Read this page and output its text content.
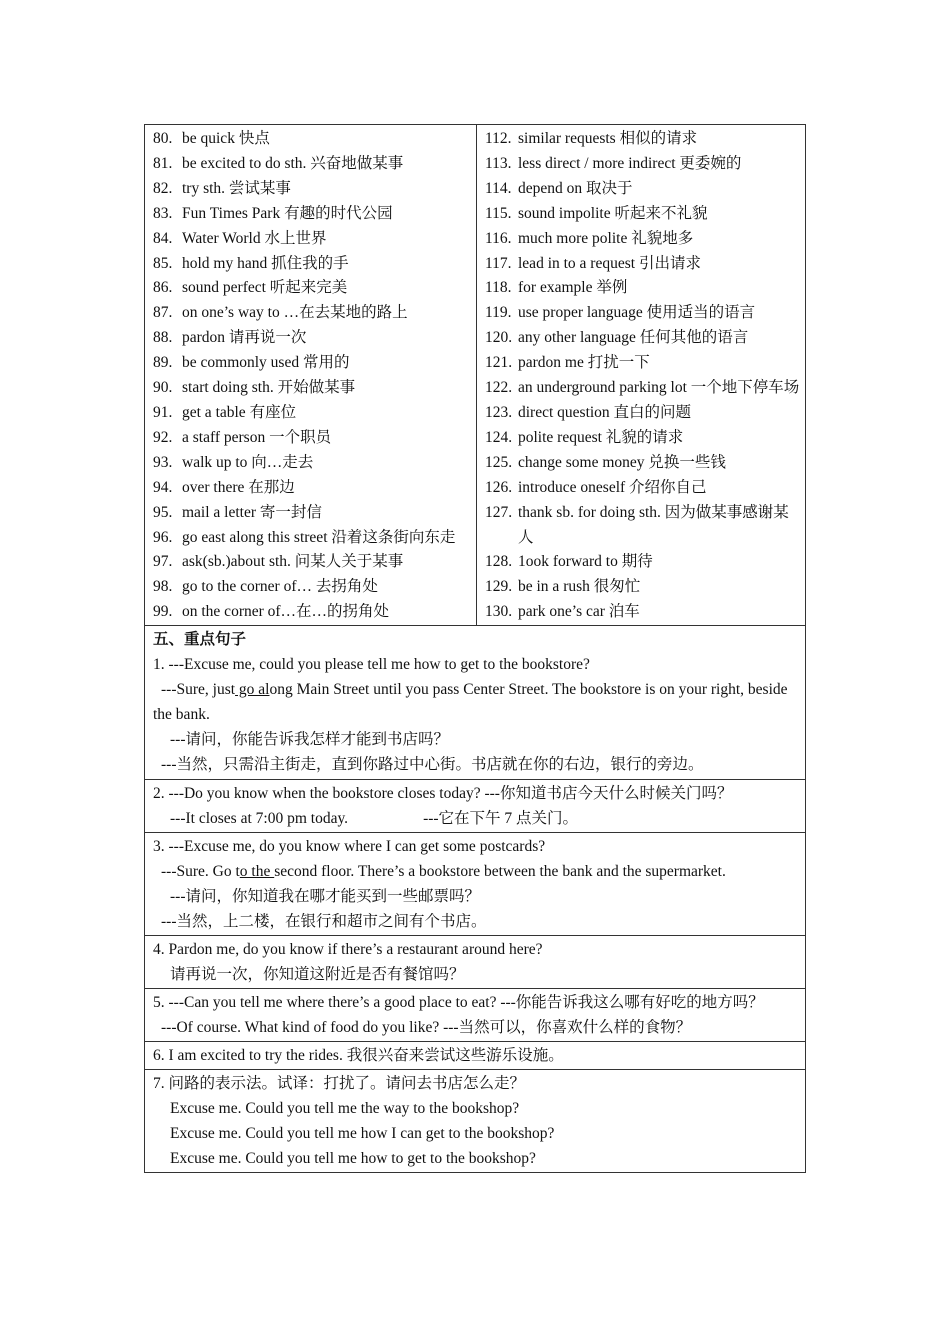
80. be quick 快点
81. be excited to do sth. 兴奋地做某事
82. try sth. 尝试某事
83. Fun Times Park 有趣的时代公园
84. Water World 水上世界
85. hold my hand 抓住我的手
86. sound perfect 听起来完美
87. on one’s way to …在去某地的路上
88. pardon 请再说一次
89. be commonly used 常用的
90. start doing sth. 开始做某事
91. get a table 有座位
92. a staff person 一个职员
93. walk up to 向…走去
94. over there 在那边
95. mail a letter 寄一封信
96. go east along this street 沿着这条街向东走
97. ask(sb.)about sth. 问某人关于某事
98. go to the corner of… 去拐角处
99. on the corner of…在…的拐角处
112. similar requests 相似的请求
113. less direct / more indirect 更委婉的
114. depend on 取决于
115. sound impolite 听起来不礼貌
116. much more polite 礼貌地多
117. lead in to a request 引出请求
118. for example 举例
119. use proper language 使用适当的语言
120. any other language 任何其他的语言
121. pardon me 打扰一下
122. an underground parking lot 一个地下停车场
123. direct question 直白的问题
124. polite request 礼貌的请求
125. change some money 兑换一些钱
126. introduce oneself 介绍你自己
127. thank sb. for doing sth. 因为做某事感谢某人
128. 1ook forward to 期待
129. be in a rush 很匆忙
130. park one’s car 泊车
五、重点句子
1. ---Excuse me, could you please tell me how to get to the bookstore?
---Sure, just go along Main Street until you pass Center Street. The bookstore is on your right, beside the bank.
---请问，你能告诉我怎样才能到书店吗？
---当然，只需沿主街走，直到你路过中心街。书店就在你的右边，银行的旁边。
2. ---Do you know when the bookstore closes today? ---你知道书店今天什么时候关门吗？
---It closes at 7:00 pm today.	---它在下午 7 点关门。
3. ---Excuse me, do you know where I can get some postcards?
---Sure. Go to the second floor. There’s a bookstore between the bank and the supermarket.
---请问，你知道我在哪才能买到一些邮票吗？
---当然，上二楼，在银行和超市之间有个书店。
4. Pardon me, do you know if there’s a restaurant around here?
请再说一次，你知道这附近是否有餐馆吗？
5. ---Can you tell me where there’s a good place to eat? ---你能告诉我这么哪有好吃的地方吗？
---Of course. What kind of food do you like? ---当然可以，你喜欢什么样的食物？
6. I am excited to try the rides. 我很兴奋来尝试这些游乐设施。
7. 问路的表示法。试译：打扰了。请问去书店怎么走？
Excuse me. Could you tell me the way to the bookshop?
Excuse me. Could you tell me how I can get to the bookshop?
Excuse me. Could you tell me how to get to the bookshop?
